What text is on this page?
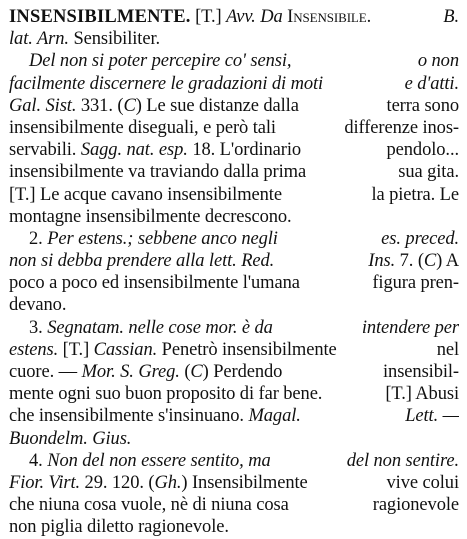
INSENSIBILMENTE. [T.] Avv. Da Insensibile.	B.
lat. Arn. Sensibiliter.
Del non si poter percepire co' sensi,	o non
facilmente discernere le gradazioni di moti	e d'atti.
Gal. Sist. 331. (C) Le sue distanze dalla	terra sono
insensibilmente diseguali, e però tali	differenze inos-
servabili. Sagg. nat. esp. 18. L'ordinario	pendolo...
insensibilmente va traviando dalla prima	sua gita.
[T.] Le acque cavano insensibilmente	la pietra. Le
montagne insensibilmente decrescono.
2. Per estens.; sebbene anco negli	es. preced.
non si debba prendere alla lett. Red.	Ins. 7. (C) A
poco a poco ed insensibilmente l'umana	figura pren-
devano.
3. Segnatam. nelle cose mor. è da	intendere per
estens. [T.] Cassian. Penetrò insensibilmente	nel
cuore. — Mor. S. Greg. (C) Perdendo	insensibil-
mente ogni suo buon proposito di far bene.	[T.] Abusi
che insensibilmente s'insinuano. Magal.	Lett. —
Buondelm. Gius.
4. Non del non essere sentito, ma	del non sentire.
Fior. Virt. 29. 120. (Gh.) Insensibilmente	vive colui
che niuna cosa vuole, nè di niuna cosa	ragionevole
non piglia diletto ragionevole.
